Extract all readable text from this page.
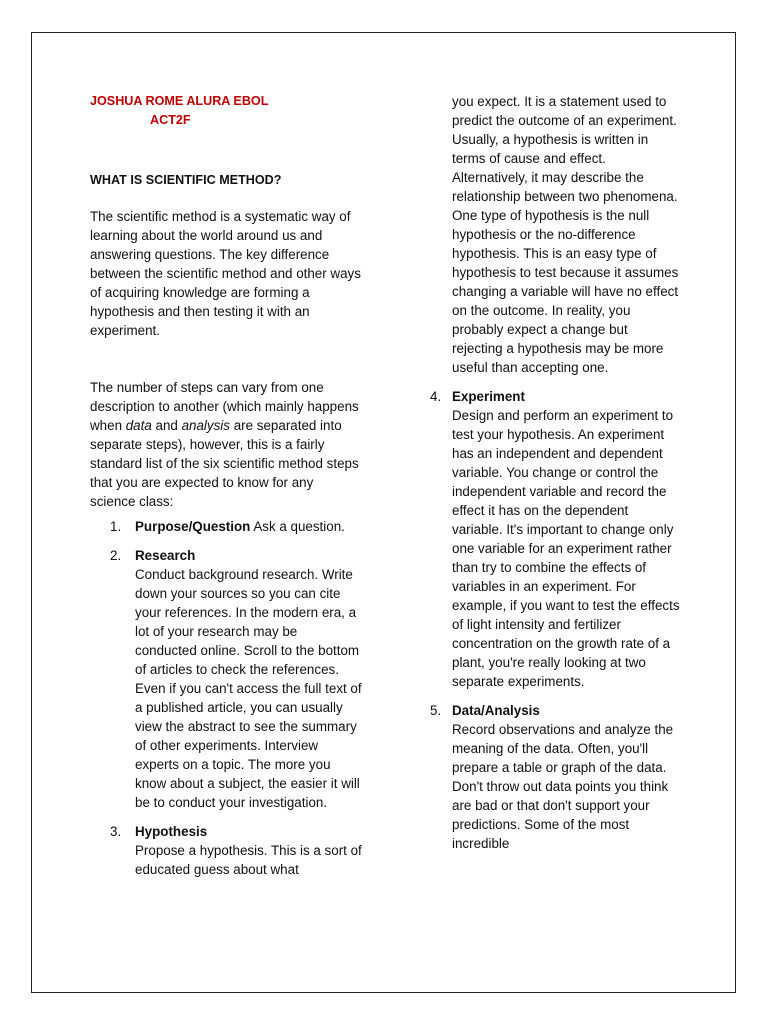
JOSHUA ROME ALURA EBOL
ACT2F
WHAT IS SCIENTIFIC METHOD?

The scientific method is a systematic way of learning about the world around us and answering questions. The key difference between the scientific method and other ways of acquiring knowledge are forming a hypothesis and then testing it with an experiment.

The number of steps can vary from one description to another (which mainly happens when data and analysis are separated into separate steps), however, this is a fairly standard list of the six scientific method steps that you are expected to know for any science class:

1. Purpose/Question Ask a question.
2. Research
Conduct background research. Write down your sources so you can cite your references. In the modern era, a lot of your research may be conducted online. Scroll to the bottom of articles to check the references. Even if you can't access the full text of a published article, you can usually view the abstract to see the summary of other experiments. Interview experts on a topic. The more you know about a subject, the easier it will be to conduct your investigation.
3. Hypothesis
Propose a hypothesis. This is a sort of educated guess about what
you expect. It is a statement used to predict the outcome of an experiment. Usually, a hypothesis is written in terms of cause and effect. Alternatively, it may describe the relationship between two phenomena. One type of hypothesis is the null hypothesis or the no-difference hypothesis. This is an easy type of hypothesis to test because it assumes changing a variable will have no effect on the outcome. In reality, you probably expect a change but rejecting a hypothesis may be more useful than accepting one.
4. Experiment
Design and perform an experiment to test your hypothesis. An experiment has an independent and dependent variable. You change or control the independent variable and record the effect it has on the dependent variable. It's important to change only one variable for an experiment rather than try to combine the effects of variables in an experiment. For example, if you want to test the effects of light intensity and fertilizer concentration on the growth rate of a plant, you're really looking at two separate experiments.
5. Data/Analysis
Record observations and analyze the meaning of the data. Often, you'll prepare a table or graph of the data. Don't throw out data points you think are bad or that don't support your predictions. Some of the most incredible
